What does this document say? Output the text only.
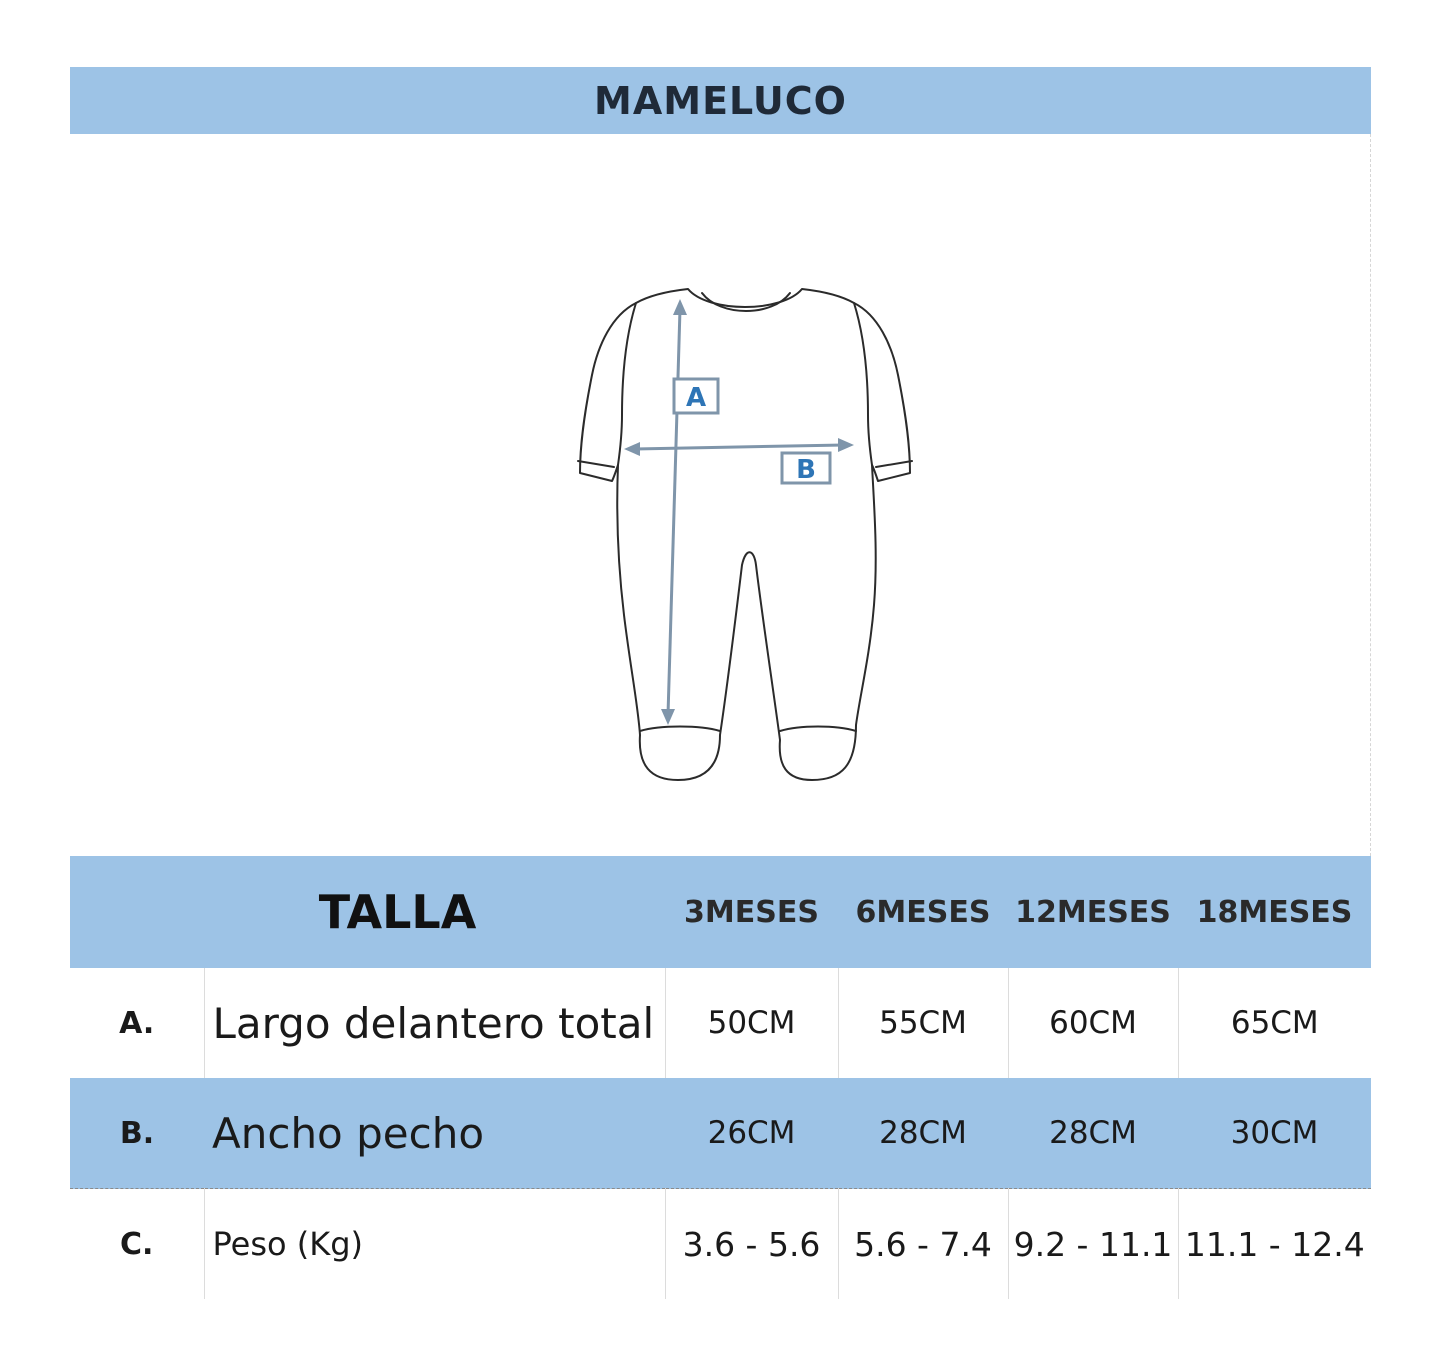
MAMELUCO
A
B
TALLA		3MESES	6MESES	12MESES	18MESES
A.	Largo delantero total	50CM	55CM	60CM	65CM
B.	Ancho pecho	26CM	28CM	28CM	30CM
C.	Peso (Kg)	3.6 - 5.6	5.6 - 7.4	9.2 - 11.1	11.1 - 12.4
